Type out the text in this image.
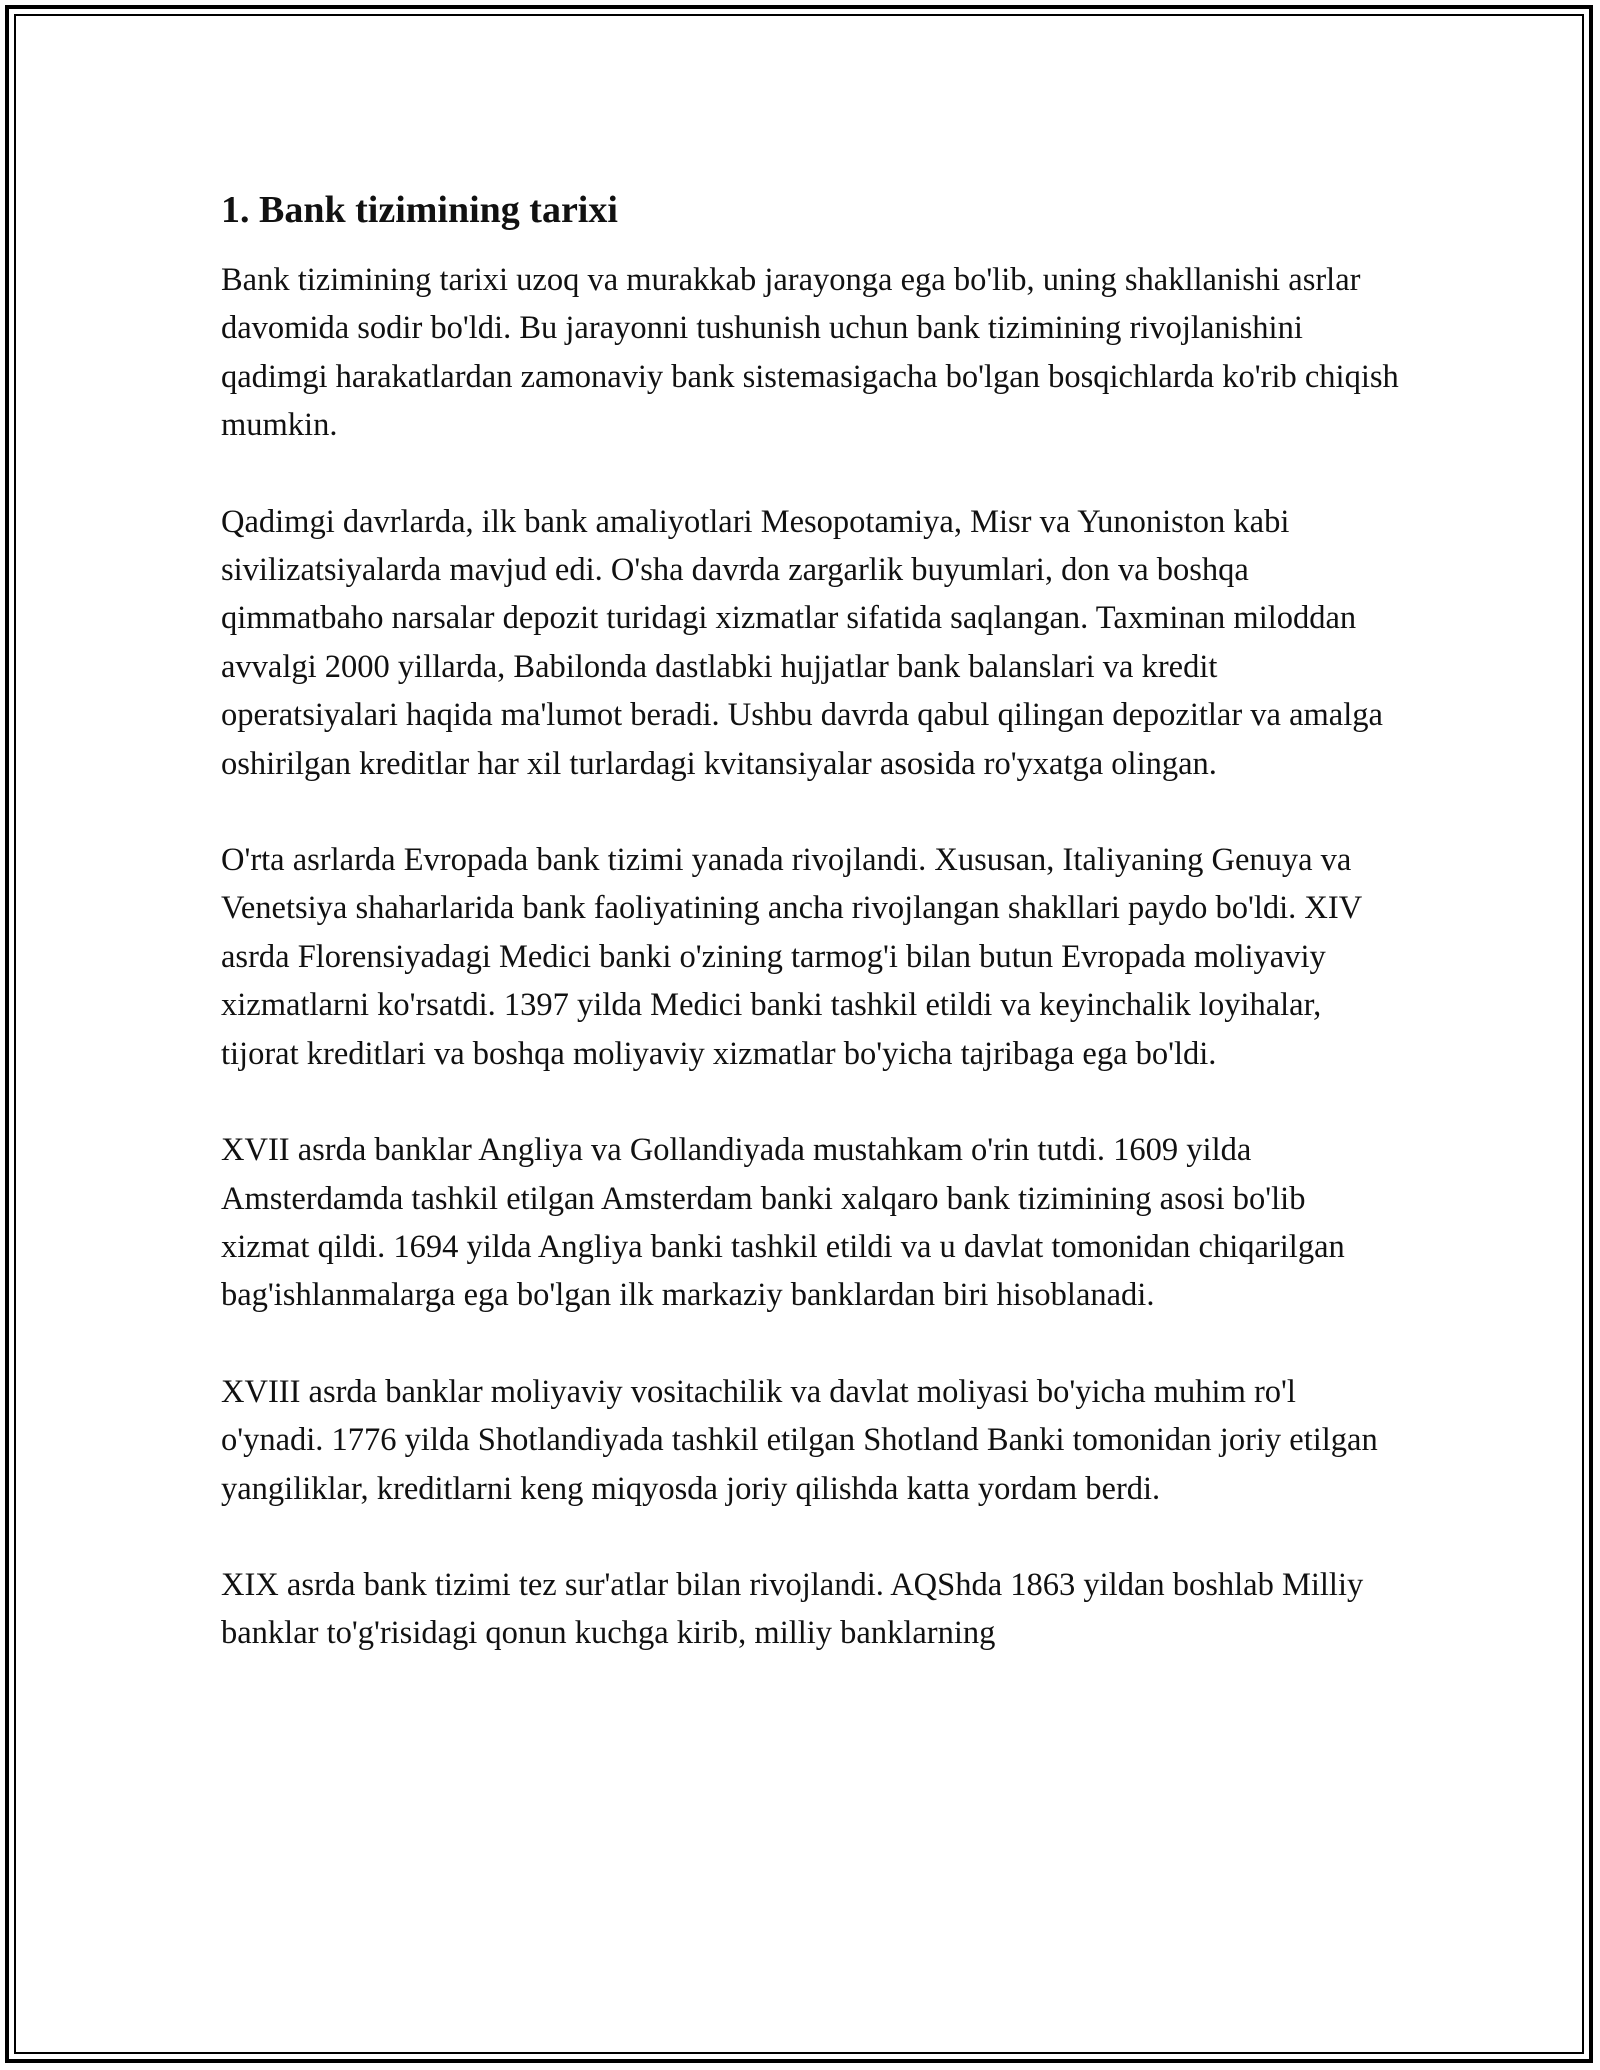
1. Bank tizimining tarixi

Bank tizimining tarixi uzoq va murakkab jarayonga ega bo'lib, uning shakllanishi asrlar davomida sodir bo'ldi. Bu jarayonni tushunish uchun bank tizimining rivojlanishini qadimgi harakatlardan zamonaviy bank sistemasigacha bo'lgan bosqichlarda ko'rib chiqish mumkin.

Qadimgi davrlarda, ilk bank amaliyotlari Mesopotamiya, Misr va Yunoniston kabi sivilizatsiyalarda mavjud edi. O'sha davrda zargarlik buyumlari, don va boshqa qimmatbaho narsalar depozit turidagi xizmatlar sifatida saqlangan. Taxminan miloddan avvalgi 2000 yillarda, Babilonda dastlabki hujjatlar bank balanslari va kredit operatsiyalari haqida ma'lumot beradi. Ushbu davrda qabul qilingan depozitlar va amalga oshirilgan kreditlar har xil turlardagi kvitansiyalar asosida ro'yxatga olingan.

O'rta asrlarda Evropada bank tizimi yanada rivojlandi. Xususan, Italiyaning Genuya va Venetsiya shaharlarida bank faoliyatining ancha rivojlangan shakllari paydo bo'ldi. XIV asrda Florensiyadagi Medici banki o'zining tarmog'i bilan butun Evropada moliyaviy xizmatlarni ko'rsatdi. 1397 yilda Medici banki tashkil etildi va keyinchalik loyihalar, tijorat kreditlari va boshqa moliyaviy xizmatlar bo'yicha tajribaga ega bo'ldi.

XVII asrda banklar Angliya va Gollandiyada mustahkam o'rin tutdi. 1609 yilda Amsterdamda tashkil etilgan Amsterdam banki xalqaro bank tizimining asosi bo'lib xizmat qildi. 1694 yilda Angliya banki tashkil etildi va u davlat tomonidan chiqarilgan bag'ishlanmalarga ega bo'lgan ilk markaziy banklardan biri hisoblanadi.

XVIII asrda banklar moliyaviy vositachilik va davlat moliyasi bo'yicha muhim ro'l o'ynadi. 1776 yilda Shotlandiyada tashkil etilgan Shotland Banki tomonidan joriy etilgan yangiliklar, kreditlarni keng miqyosda joriy qilishda katta yordam berdi.

XIX asrda bank tizimi tez sur'atlar bilan rivojlandi. AQShda 1863 yildan boshlab Milliy banklar to'g'risidagi qonun kuchga kirib, milliy banklarning
